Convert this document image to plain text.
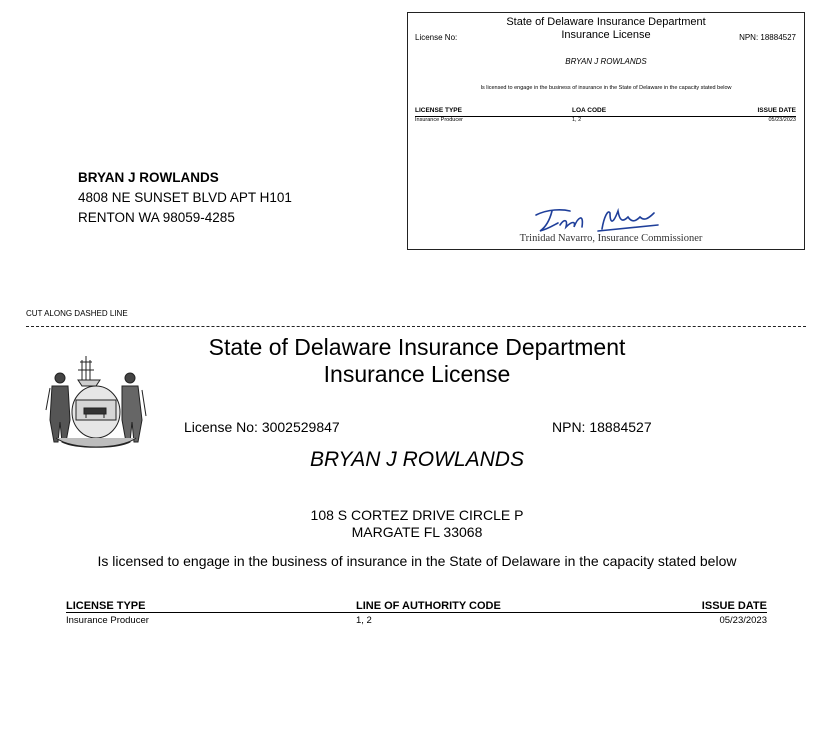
State of Delaware Insurance Department
License No:	Insurance License	NPN: 18884527
BRYAN J ROWLANDS
Is licensed to engage in the business of insurance in the State of Delaware in the capacity stated below
LICENSE TYPE	LOA CODE	ISSUE DATE
Insurance Producer	1, 2	05/23/2023
Trinidad Navarro, Insurance Commissioner
BRYAN J ROWLANDS
4808 NE SUNSET BLVD APT H101
RENTON WA 98059-4285
CUT ALONG DASHED LINE
State of Delaware Insurance Department
Insurance License
License No: 3002529847	NPN: 18884527
BRYAN J ROWLANDS
108 S CORTEZ DRIVE CIRCLE P
MARGATE FL 33068
Is licensed to engage in the business of insurance in the State of Delaware in the capacity stated below
LICENSE TYPE	LINE OF AUTHORITY CODE	ISSUE DATE
Insurance Producer	1, 2	05/23/2023
